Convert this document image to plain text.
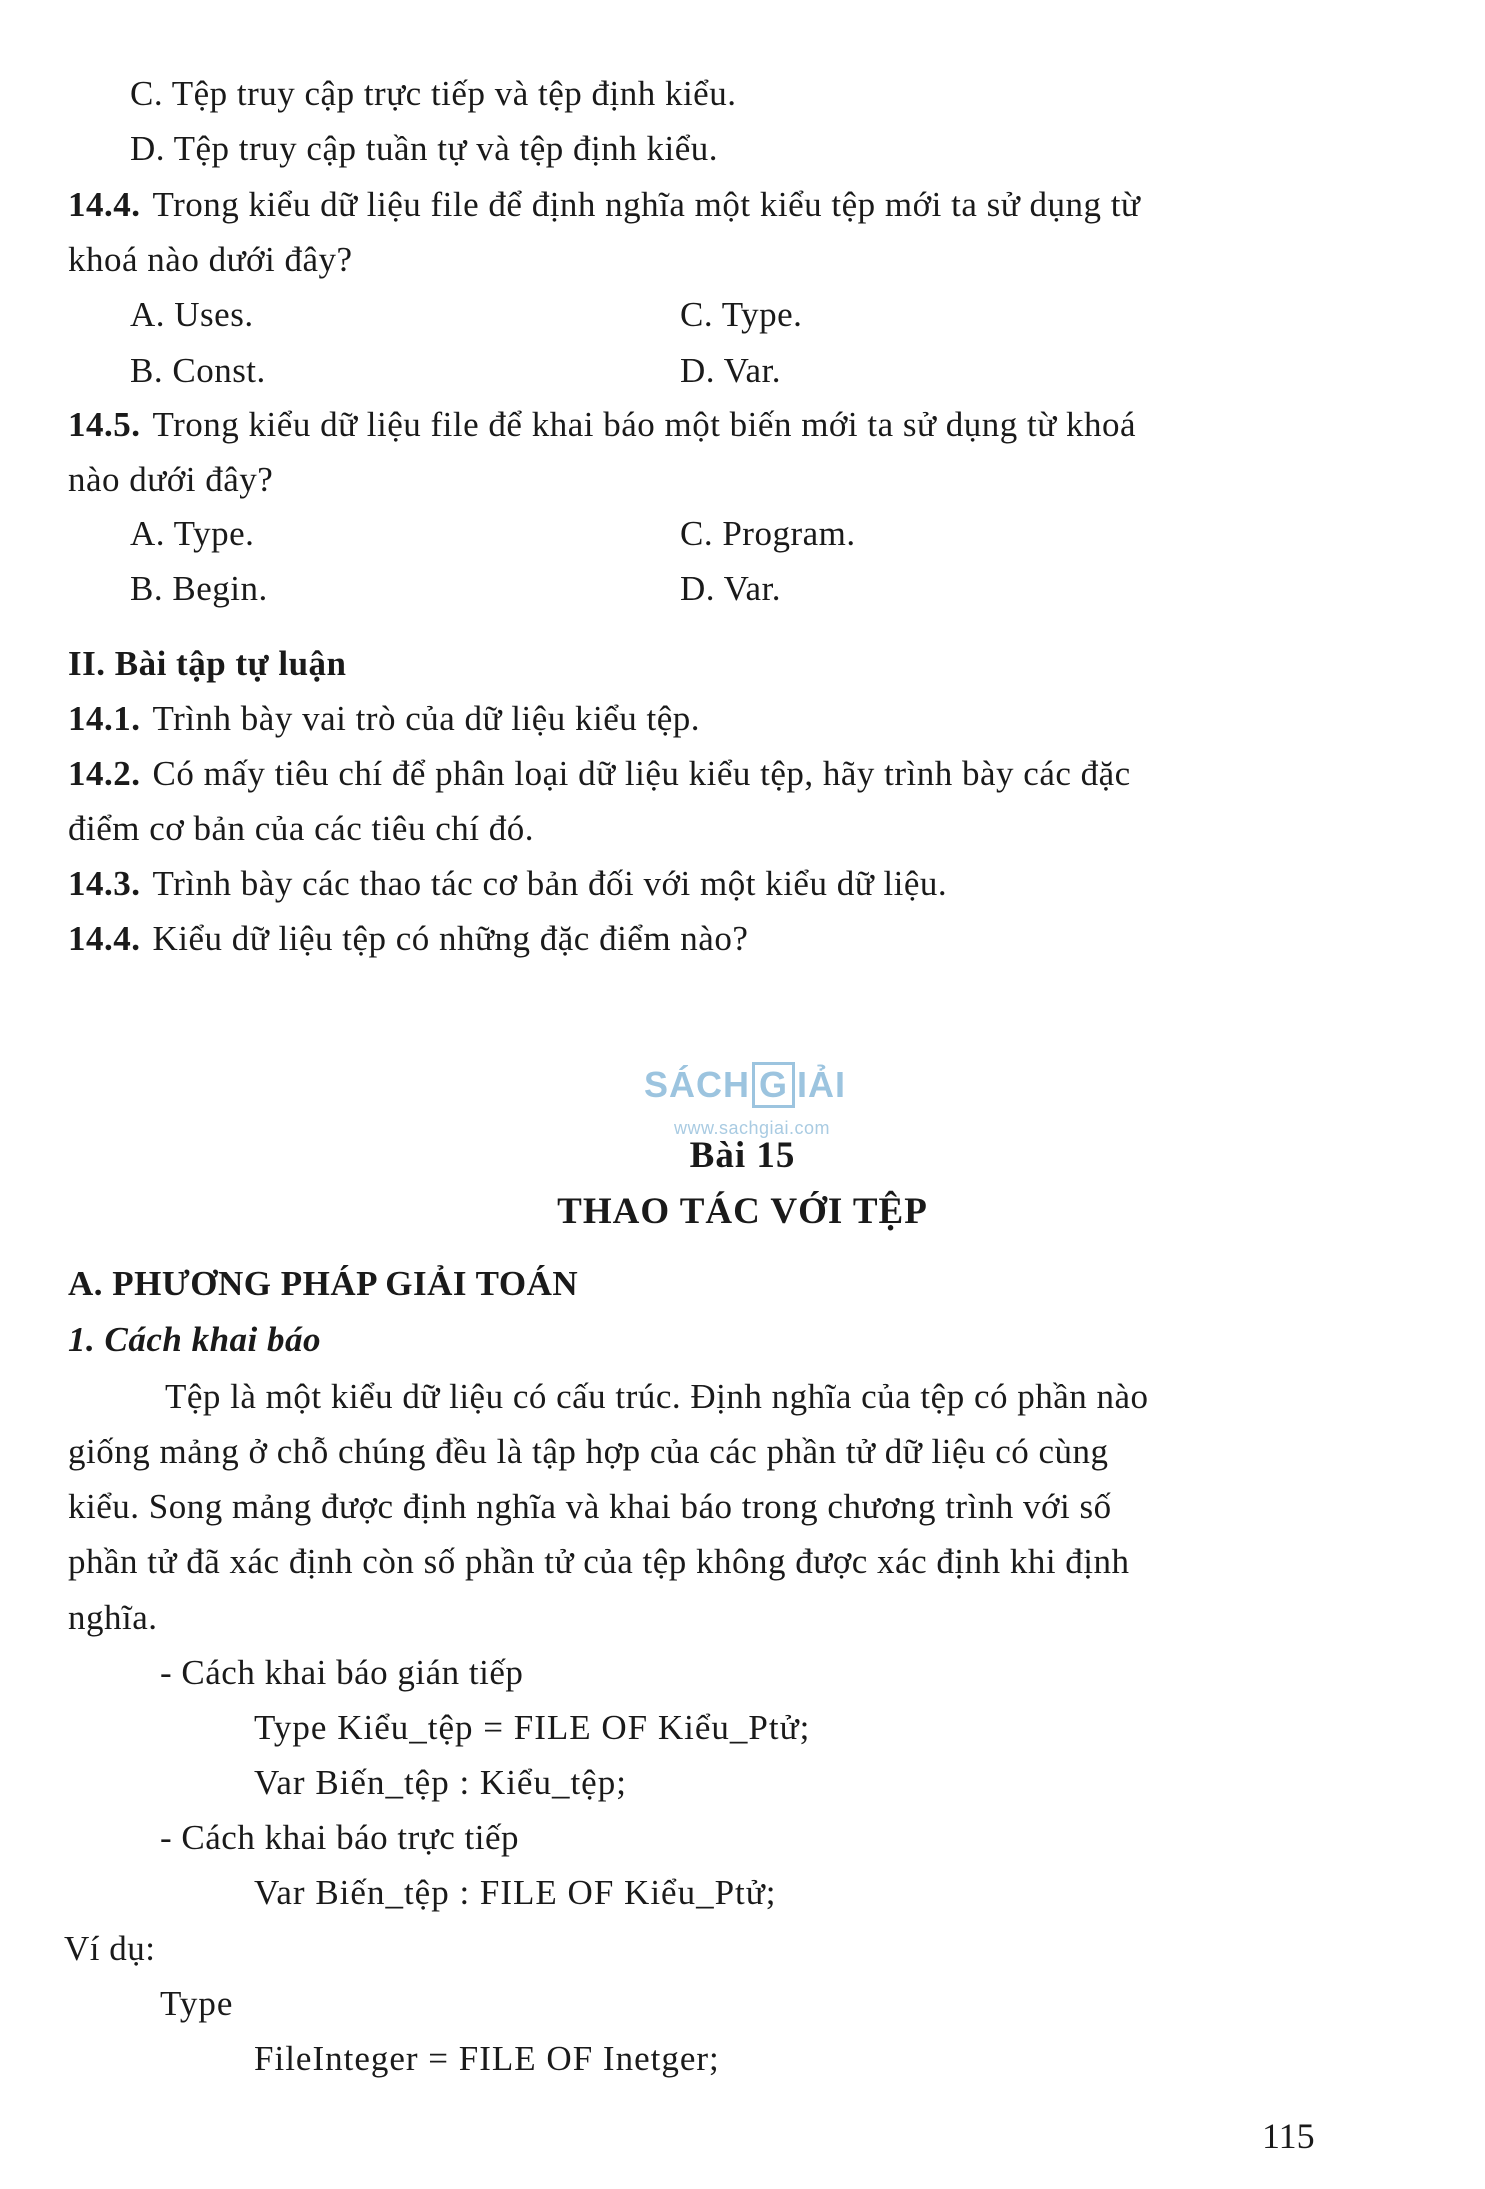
C. Tệp truy cập trực tiếp và tệp định kiểu.
D. Tệp truy cập tuần tự và tệp định kiểu.
14.4. Trong kiểu dữ liệu file để định nghĩa một kiểu tệp mới ta sử dụng từ
khoá nào dưới đây?
A. Uses.	C. Type.
B. Const.	D. Var.
14.5. Trong kiểu dữ liệu file để khai báo một biến mới ta sử dụng từ khoá
nào dưới đây?
A. Type.	C. Program.
B. Begin.	D. Var.
II. Bài tập tự luận
14.1. Trình bày vai trò của dữ liệu kiểu tệp.
14.2. Có mấy tiêu chí để phân loại dữ liệu kiểu tệp, hãy trình bày các đặc
điểm cơ bản của các tiêu chí đó.
14.3. Trình bày các thao tác cơ bản đối với một kiểu dữ liệu.
14.4. Kiểu dữ liệu tệp có những đặc điểm nào?
SÁCH G IẢI
www.sachgiai.com
Bài 15
THAO TÁC VỚI TỆP
A. PHƯƠNG PHÁP GIẢI TOÁN
1. Cách khai báo
Tệp là một kiểu dữ liệu có cấu trúc. Định nghĩa của tệp có phần nào
giống mảng ở chỗ chúng đều là tập hợp của các phần tử dữ liệu có cùng
kiểu. Song mảng được định nghĩa và khai báo trong chương trình với số
phần tử đã xác định còn số phần tử của tệp không được xác định khi định
nghĩa.
- Cách khai báo gián tiếp
Type Kiểu_tệp = FILE OF Kiểu_Ptử;
Var Biến_tệp : Kiểu_tệp;
- Cách khai báo trực tiếp
Var Biến_tệp : FILE OF Kiểu_Ptử;
Ví dụ:
Type
FileInteger = FILE OF Inetger;
115
